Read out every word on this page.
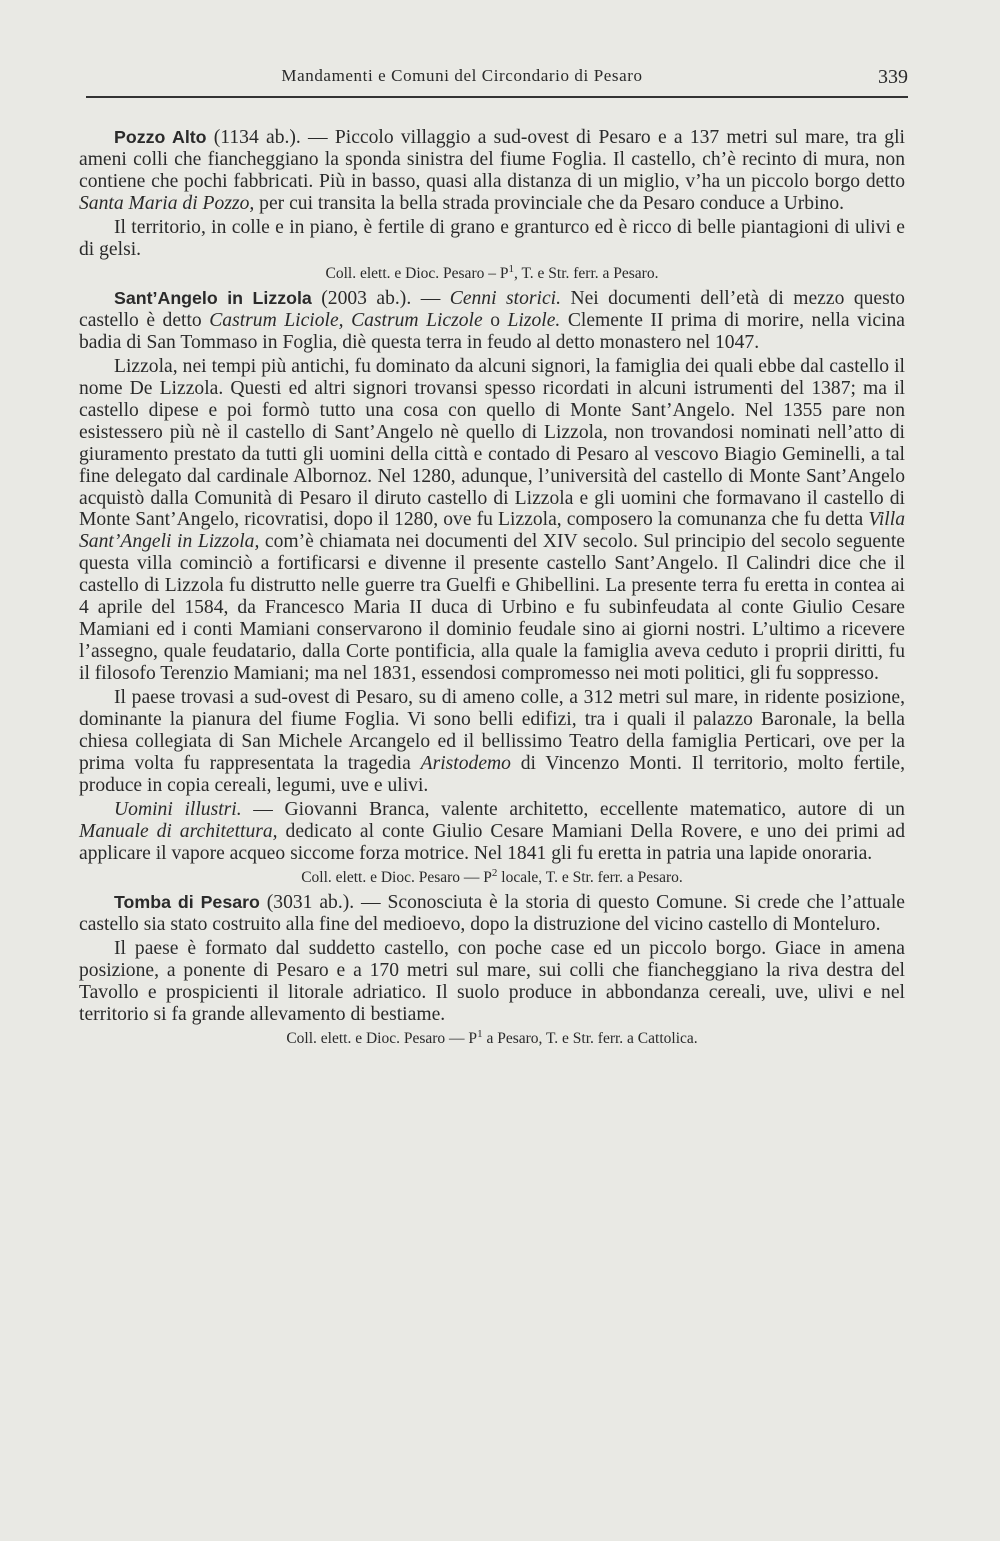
Mandamenti e Comuni del Circondario di Pesaro	339

Pozzo Alto (1134 ab.). — Piccolo villaggio a sud-ovest di Pesaro e a 137 metri sul mare, tra gli ameni colli che fiancheggiano la sponda sinistra del fiume Foglia. Il castello, ch’è recinto di mura, non contiene che pochi fabbricati. Più in basso, quasi alla distanza di un miglio, v’ha un piccolo borgo detto Santa Maria di Pozzo, per cui transita la bella strada provinciale che da Pesaro conduce a Urbino.

Il territorio, in colle e in piano, è fertile di grano e granturco ed è ricco di belle piantagioni di ulivi e di gelsi.

Coll. elett. e Dioc. Pesaro – $P^1$, T. e Str. ferr. a Pesaro.

Sant’Angelo in Lizzola (2003 ab.). — Cenni storici. Nei documenti dell’età di mezzo questo castello è detto Castrum Liciole, Castrum Liczole o Lizole. Clemente II prima di morire, nella vicina badia di San Tommaso in Foglia, diè questa terra in feudo al detto monastero nel 1047.

Lizzola, nei tempi più antichi, fu dominato da alcuni signori, la famiglia dei quali ebbe dal castello il nome De Lizzola. Questi ed altri signori trovansi spesso ricordati in alcuni istrumenti del 1387; ma il castello dipese e poi formò tutto una cosa con quello di Monte Sant’Angelo. Nel 1355 pare non esistessero più nè il castello di Sant’Angelo nè quello di Lizzola, non trovandosi nominati nell’atto di giuramento prestato da tutti gli uomini della città e contado di Pesaro al vescovo Biagio Geminelli, a tal fine delegato dal cardinale Albornoz. Nel 1280, adunque, l’università del castello di Monte Sant’Angelo acquistò dalla Comunità di Pesaro il diruto castello di Lizzola e gli uomini che formavano il castello di Monte Sant’Angelo, ricovratisi, dopo il 1280, ove fu Lizzola, composero la comunanza che fu detta Villa Sant’Angeli in Lizzola, com’è chiamata nei documenti del XIV secolo. Sul principio del secolo seguente questa villa cominciò a fortificarsi e divenne il presente castello Sant’Angelo. Il Calindri dice che il castello di Lizzola fu distrutto nelle guerre tra Guelfi e Ghibellini. La presente terra fu eretta in contea ai 4 aprile del 1584, da Francesco Maria II duca di Urbino e fu subinfeudata al conte Giulio Cesare Mamiani ed i conti Mamiani conservarono il dominio feudale sino ai giorni nostri. L’ultimo a ricevere l’assegno, quale feudatario, dalla Corte pontificia, alla quale la famiglia aveva ceduto i proprii diritti, fu il filosofo Terenzio Mamiani; ma nel 1831, essendosi compromesso nei moti politici, gli fu soppresso.

Il paese trovasi a sud-ovest di Pesaro, su di ameno colle, a 312 metri sul mare, in ridente posizione, dominante la pianura del fiume Foglia. Vi sono belli edifizi, tra i quali il palazzo Baronale, la bella chiesa collegiata di San Michele Arcangelo ed il bellissimo Teatro della famiglia Perticari, ove per la prima volta fu rappresentata la tragedia Aristodemo di Vincenzo Monti. Il territorio, molto fertile, produce in copia cereali, legumi, uve e ulivi.

Uomini illustri. — Giovanni Branca, valente architetto, eccellente matematico, autore di un Manuale di architettura, dedicato al conte Giulio Cesare Mamiani Della Rovere, e uno dei primi ad applicare il vapore acqueo siccome forza motrice. Nel 1841 gli fu eretta in patria una lapide onoraria.

Coll. elett. e Dioc. Pesaro — $P^2$ locale, T. e Str. ferr. a Pesaro.

Tomba di Pesaro (3031 ab.). — Sconosciuta è la storia di questo Comune. Si crede che l’attuale castello sia stato costruito alla fine del medioevo, dopo la distruzione del vicino castello di Monteluro.

Il paese è formato dal suddetto castello, con poche case ed un piccolo borgo. Giace in amena posizione, a ponente di Pesaro e a 170 metri sul mare, sui colli che fiancheggiano la riva destra del Tavollo e prospicienti il litorale adriatico. Il suolo produce in abbondanza cereali, uve, ulivi e nel territorio si fa grande allevamento di bestiame.

Coll. elett. e Dioc. Pesaro — $P^1$ a Pesaro, T. e Str. ferr. a Cattolica.
